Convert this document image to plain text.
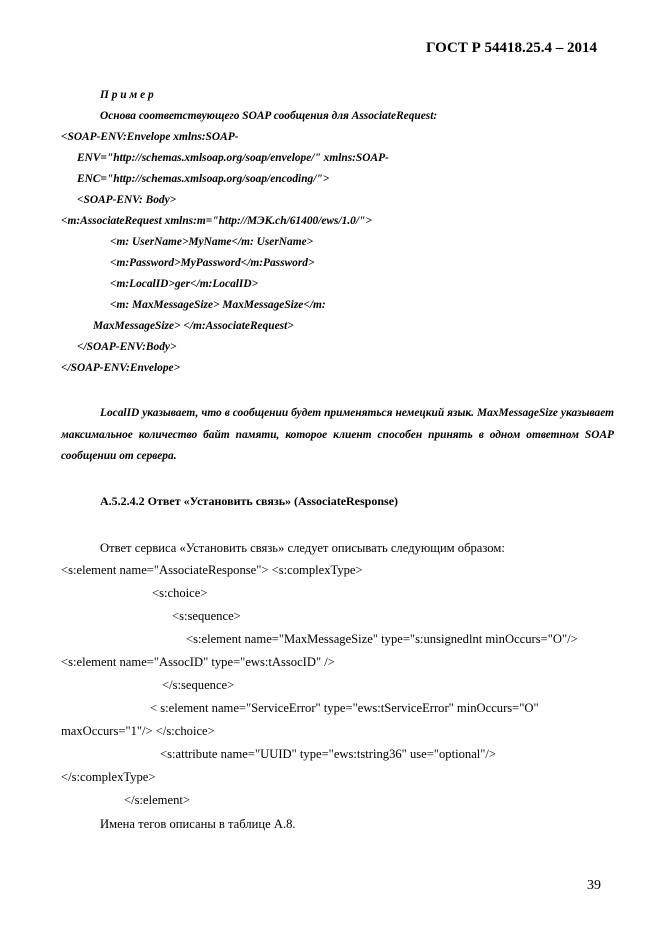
ГОСТ Р 54418.25.4 – 2014
П р и м е р
Основа соответствующего SOAP сообщения для AssociateRequest:
<SOAP-ENV:Envelope xmlns:SOAP-
ENV="http://schemas.xmlsoap.org/soap/envelope/" xmlns:SOAP-
ENC="http://schemas.xmlsoap.org/soap/encoding/">
<SOAP-ENV: Body>
<m:AssociateRequest xmlns:m="http://МЭК.ch/61400/ews/1.0/">
<m: UserName>MyName</m: UserName>
<m:Password>MyPassword</m:Password>
<m:LocalID>ger</m:LocalID>
<m: MaxMessageSize> MaxMessageSize</m:
MaxMessageSize> </m:AssociateRequest>
</SOAP-ENV:Body>
</SOAP-ENV:Envelope>
LocalID указывает, что в сообщении будет применяться немецкий язык. MaxMessageSize указывает максимальное количество байт памяти, которое клиент способен принять в одном ответном SOAP сообщении от сервера.
А.5.2.4.2 Ответ «Установить связь» (AssociateResponse)
Ответ сервиса «Установить связь» следует описывать следующим образом:
<s:element name="AssociateResponse"> <s:complexType>
<s:choice>
<s:sequence>
<s:element name="MaxMessageSize" type="s:unsignedlnt minOccurs="O"/>
<s:element name="AssocID" type="ews:tAssocID" />
</s:sequence>
< s:element name="ServiceError" type="ews:tServiceError" minOccurs="O"
maxOccurs="1"/> </s:choice>
<s:attribute name="UUID" type="ews:tstring36" use="optional"/>
</s:complexType>
</s:element>
Имена тегов описаны в таблице А.8.
39
